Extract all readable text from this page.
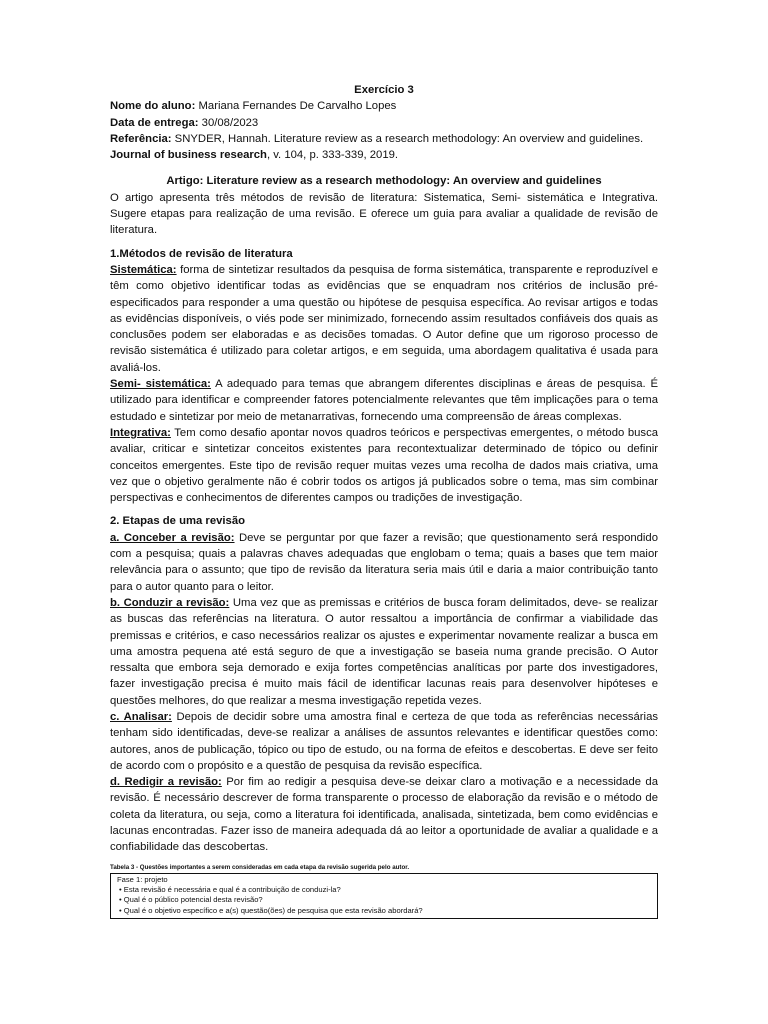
Exercício 3
Nome do aluno: Mariana Fernandes De Carvalho Lopes
Data de entrega: 30/08/2023
Referência: SNYDER, Hannah. Literature review as a research methodology: An overview and guidelines.
Journal of business research, v. 104, p. 333-339, 2019.
Artigo: Literature review as a research methodology: An overview and guidelines

O artigo apresenta três métodos de revisão de literatura: Sistematica, Semi- sistemática e Integrativa. Sugere etapas para realização de uma revisão. E oferece um guia para avaliar a qualidade de revisão de literatura.

1.Métodos de revisão de literatura

Sistemática: forma de sintetizar resultados da pesquisa de forma sistemática, transparente e reproduzível e têm como objetivo identificar todas as evidências que se enquadram nos critérios de inclusão pré-especificados para responder a uma questão ou hipótese de pesquisa específica. Ao revisar artigos e todas as evidências disponíveis, o viés pode ser minimizado, fornecendo assim resultados confiáveis dos quais as conclusões podem ser elaboradas e as decisões tomadas. O Autor define que um rigoroso processo de revisão sistemática é utilizado para coletar artigos, e em seguida, uma abordagem qualitativa é usada para avaliá-los.

Semi- sistemática: A adequado para temas que abrangem diferentes disciplinas e áreas de pesquisa. É utilizado para identificar e compreender fatores potencialmente relevantes que têm implicações para o tema estudado e sintetizar por meio de metanarrativas, fornecendo uma compreensão de áreas complexas.

Integrativa: Tem como desafio apontar novos quadros teóricos e perspectivas emergentes, o método busca avaliar, criticar e sintetizar conceitos existentes para recontextualizar determinado de tópico ou definir conceitos emergentes. Este tipo de revisão requer muitas vezes uma recolha de dados mais criativa, uma vez que o objetivo geralmente não é cobrir todos os artigos já publicados sobre o tema, mas sim combinar perspectivas e conhecimentos de diferentes campos ou tradições de investigação.

2. Etapas de uma revisão

a. Conceber a revisão: Deve se perguntar por que fazer a revisão; que questionamento será respondido com a pesquisa; quais a palavras chaves adequadas que englobam o tema; quais a bases que tem maior relevância para o assunto; que tipo de revisão da literatura seria mais útil e daria a maior contribuição tanto para o autor quanto para o leitor.

b. Conduzir a revisão: Uma vez que as premissas e critérios de busca foram delimitados, deve- se realizar as buscas das referências na literatura. O autor ressaltou a importância de confirmar a viabilidade das premissas e critérios, e caso necessários realizar os ajustes e experimentar novamente realizar a busca em uma amostra pequena até está seguro de que a investigação se baseia numa grande precisão. O Autor ressalta que embora seja demorado e exija fortes competências analíticas por parte dos investigadores, fazer investigação precisa é muito mais fácil de identificar lacunas reais para desenvolver hipóteses e questões melhores, do que realizar a mesma investigação repetida vezes.

c. Analisar: Depois de decidir sobre uma amostra final e certeza de que toda as referências necessárias tenham sido identificadas, deve-se realizar a análises de assuntos relevantes e identificar questões como: autores, anos de publicação, tópico ou tipo de estudo, ou na forma de efeitos e descobertas. E deve ser feito de acordo com o propósito e a questão de pesquisa da revisão específica.

d. Redigir a revisão: Por fim ao redigir a pesquisa deve-se deixar claro a motivação e a necessidade da revisão. É necessário descrever de forma transparente o processo de elaboração da revisão e o método de coleta da literatura, ou seja, como a literatura foi identificada, analisada, sintetizada, bem como evidências e lacunas encontradas. Fazer isso de maneira adequada dá ao leitor a oportunidade de avaliar a qualidade e a confiabilidade das descobertas.

Tabela 3 - Questões importantes a serem consideradas em cada etapa da revisão sugerida pelo autor.
Fase 1: projeto
• Esta revisão é necessária e qual é a contribuição de conduzi-la?
• Qual é o público potencial desta revisão?
• Qual é o objetivo específico e a(s) questão(ões) de pesquisa que esta revisão abordará?
